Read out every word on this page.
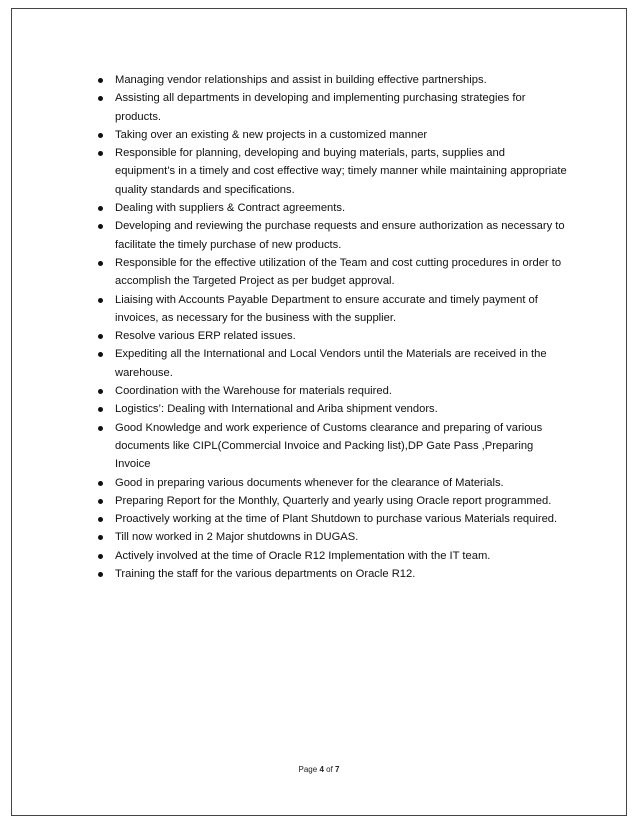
Managing vendor relationships and assist in building effective partnerships.
Assisting all departments in developing and implementing purchasing strategies for products.
Taking over an existing & new projects in a customized manner
Responsible for planning, developing and buying materials, parts, supplies and equipment’s in a timely and cost effective way; timely manner while maintaining appropriate quality standards and specifications.
Dealing with suppliers & Contract agreements.
Developing and reviewing the purchase requests and ensure authorization as necessary to facilitate the timely purchase of new products.
Responsible for the effective utilization of the Team and cost cutting procedures in order to accomplish the Targeted Project as per budget approval.
Liaising with Accounts Payable Department to ensure accurate and timely payment of invoices, as necessary for the business with the supplier.
Resolve various ERP related issues.
Expediting all the International and Local Vendors until the Materials are received in the warehouse.
Coordination with the Warehouse for materials required.
Logistics’: Dealing with International and Ariba shipment vendors.
Good Knowledge and work experience of Customs clearance and preparing of various documents like CIPL(Commercial Invoice and Packing list),DP Gate Pass ,Preparing Invoice
Good in preparing various documents whenever for the clearance of Materials.
Preparing Report for the Monthly, Quarterly and yearly using Oracle report programmed.
Proactively working at the time of Plant Shutdown to purchase various Materials required.
Till now worked in 2 Major shutdowns in DUGAS.
Actively involved at the time of Oracle R12 Implementation with the IT team.
Training the staff for the various departments on Oracle R12.
Page 4 of 7
